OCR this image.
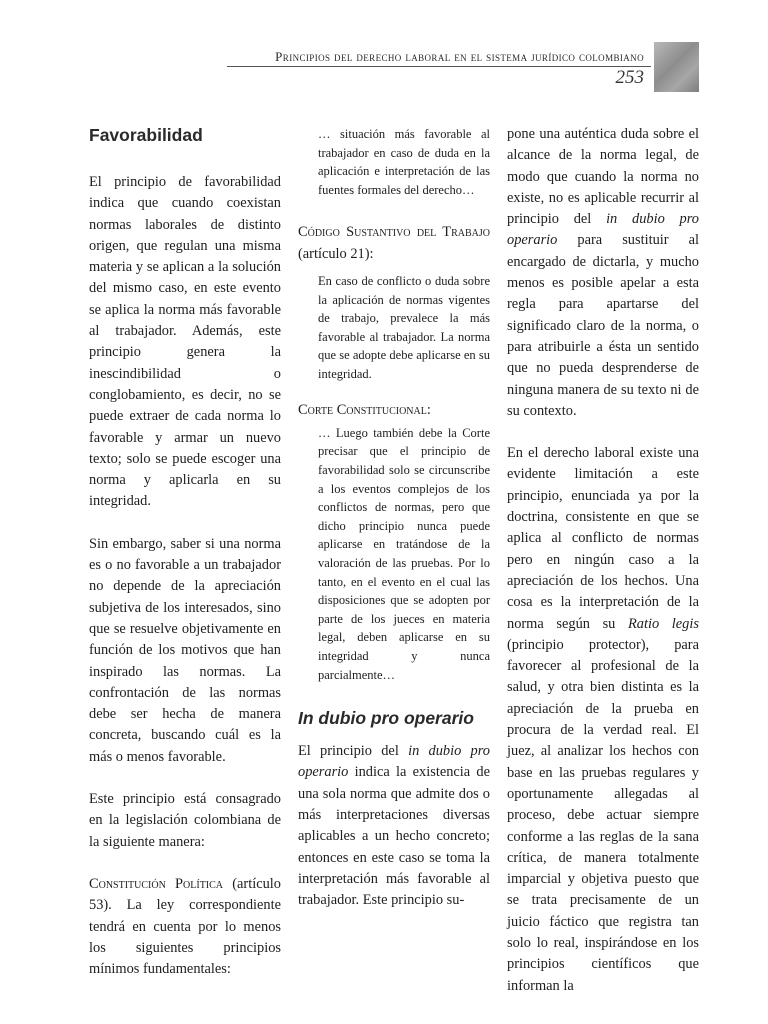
Principios del derecho laboral en el sistema jurídico colombiano
253
Favorabilidad

El principio de favorabilidad indica que cuando coexistan normas laborales de distinto origen, que regulan una misma materia y se aplican a la solución del mismo caso, en este evento se aplica la norma más favorable al trabajador. Además, este principio genera la inescindibilidad o conglobamiento, es decir, no se puede extraer de cada norma lo favorable y armar un nuevo texto; solo se puede escoger una norma y aplicarla en su integridad.

Sin embargo, saber si una norma es o no favorable a un trabajador no depende de la apreciación subjetiva de los interesados, sino que se resuelve objetivamente en función de los motivos que han inspirado las normas. La confrontación de las normas debe ser hecha de manera concreta, buscando cuál es la más o menos favorable.

Este principio está consagrado en la legislación colombiana de la siguiente manera:

Constitución Política (artículo 53). La ley correspondiente tendrá en cuenta por lo menos los siguientes principios mínimos fundamentales:

… situación más favorable al trabajador en caso de duda en la aplicación e interpretación de las fuentes formales del derecho…

Código Sustantivo del Trabajo (artículo 21):

En caso de conflicto o duda sobre la aplicación de normas vigentes de trabajo, prevalece la más favorable al trabajador. La norma que se adopte debe aplicarse en su integridad.

Corte Constitucional:

… Luego también debe la Corte precisar que el principio de favorabilidad solo se circunscribe a los eventos complejos de los conflictos de normas, pero que dicho principio nunca puede aplicarse en tratándose de la valoración de las pruebas. Por lo tanto, en el evento en el cual las disposiciones que se adopten por parte de los jueces en materia legal, deben aplicarse en su integridad y nunca parcialmente…

In dubio pro operario

El principio del in dubio pro operario indica la existencia de una sola norma que admite dos o más interpretaciones diversas aplicables a un hecho concreto; entonces en este caso se toma la interpretación más favorable al trabajador. Este principio su-

pone una auténtica duda sobre el alcance de la norma legal, de modo que cuando la norma no existe, no es aplicable recurrir al principio del in dubio pro operario para sustituir al encargado de dictarla, y mucho menos es posible apelar a esta regla para apartarse del significado claro de la norma, o para atribuirle a ésta un sentido que no pueda desprenderse de ninguna manera de su texto ni de su contexto.

En el derecho laboral existe una evidente limitación a este principio, enunciada ya por la doctrina, consistente en que se aplica al conflicto de normas pero en ningún caso a la apreciación de los hechos. Una cosa es la interpretación de la norma según su Ratio legis (principio protector), para favorecer al profesional de la salud, y otra bien distinta es la apreciación de la prueba en procura de la verdad real. El juez, al analizar los hechos con base en las pruebas regulares y oportunamente allegadas al proceso, debe actuar siempre conforme a las reglas de la sana crítica, de manera totalmente imparcial y objetiva puesto que se trata precisamente de un juicio fáctico que registra tan solo lo real, inspirándose en los principios científicos que informan la
